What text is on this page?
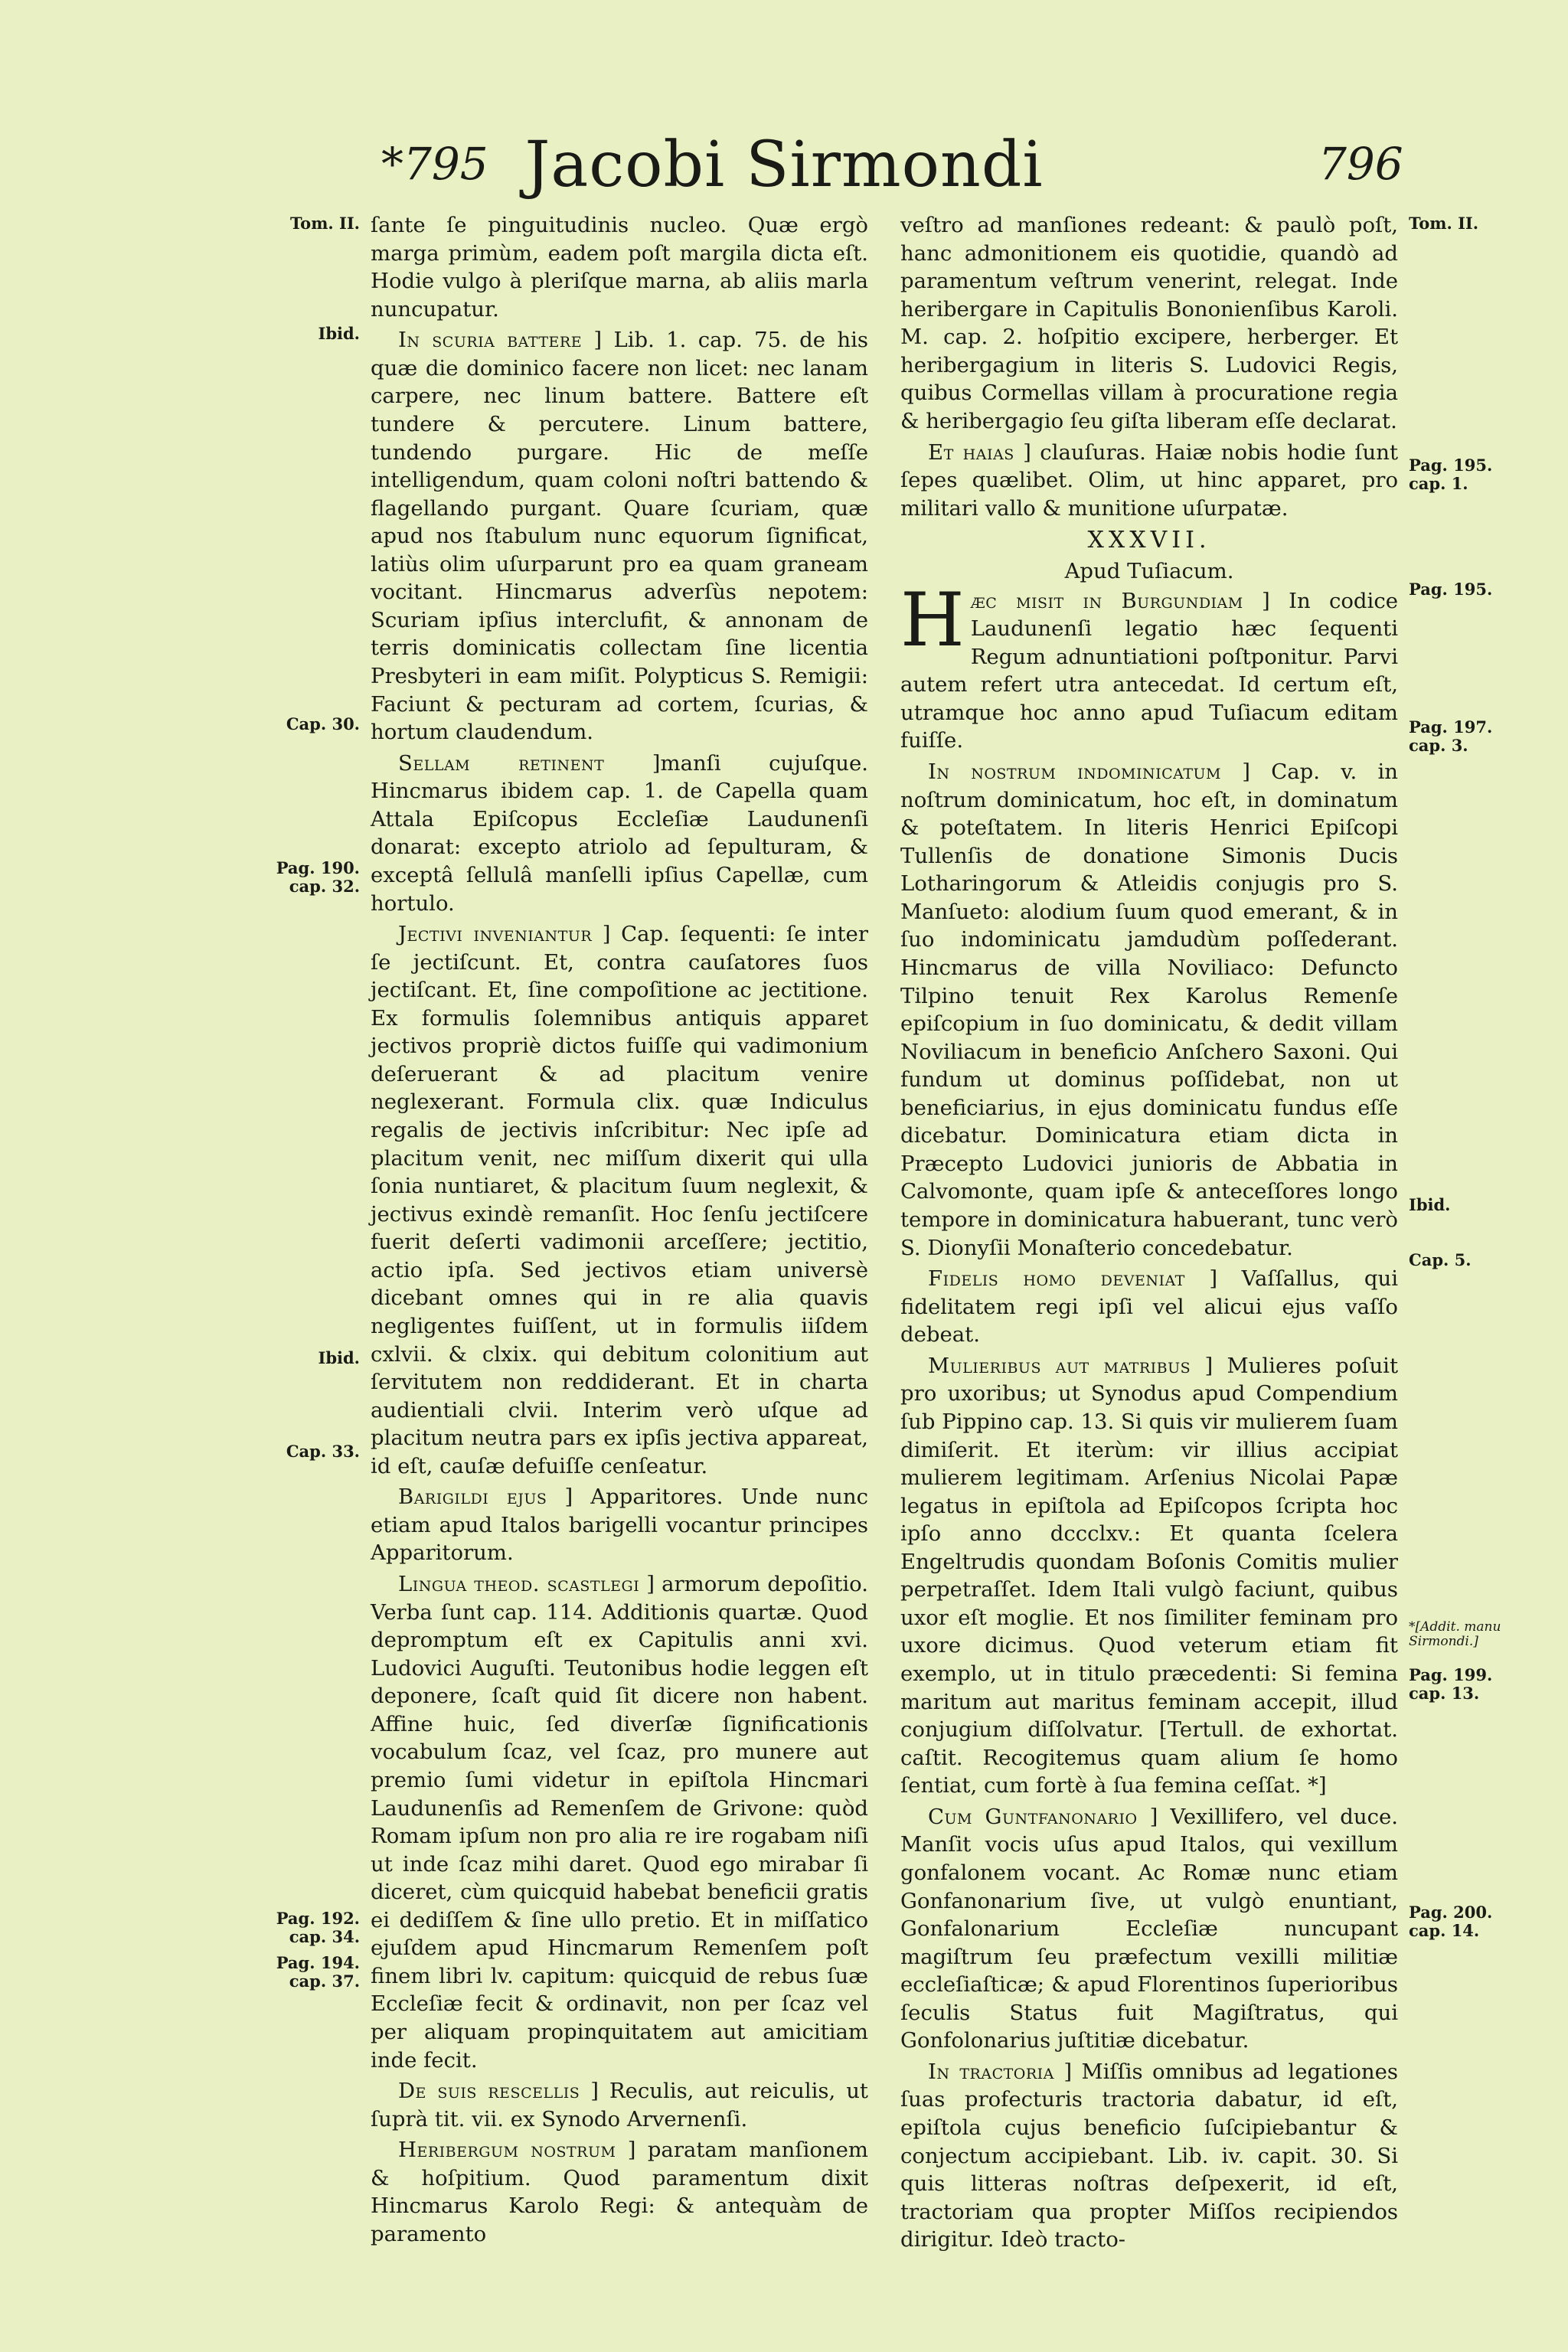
*795 Jacobi Sirmondi	796
Tom. II.
Ibid.
Cap. 30.
Pag. 190.
cap. 32.
Ibid.
Cap. 33.
Pag. 192.
cap. 34.
Pag. 194.
cap. 37.
Tom. II.
Pag. 195.
cap. 1.
Pag. 195.
Pag. 197.
cap. 3.
Ibid.
Cap. 5.
*[Addit. manu Sirmondi.]
Pag. 199.
cap. 13.
Pag. 200.
cap. 14.

ſante ſe pinguitudinis nucleo. Quæ ergò marga primùm, eadem poſt margila dicta eſt. Hodie vulgo à pleriſque marna, ab aliis marla nuncupatur.

In scuria battere ] Lib. 1. cap. 75. de his quæ die dominico facere non licet: nec lanam carpere, nec linum battere. Battere eſt tundere & percutere. Linum battere, tundendo purgare. Hic de meſſe intelligendum, quam coloni noſtri battendo & flagellando purgant. Quare ſcuriam, quæ apud nos ſtabulum nunc equorum ſignificat, latiùs olim uſurparunt pro ea quam graneam vocitant. Hincmarus adverſùs nepotem: Scuriam ipſius interclufit, & annonam de terris dominicatis collectam ſine licentia Presbyteri in eam miſit. Polypticus S. Remigii: Faciunt & pecturam ad cortem, ſcurias, & hortum claudendum.

Sellam retinent ]manſi cujuſque. Hincmarus ibidem cap. 1. de Capella quam Attala Epiſcopus Eccleſiæ Laudunenſi donarat: excepto atriolo ad ſepulturam, & exceptâ ſellulâ manſelli ipſius Capellæ, cum hortulo.

Jectivi inveniantur ] Cap. ſequenti: ſe inter ſe jectiſcunt. Et, contra cauſatores ſuos jectiſcant. Et, ſine compoſitione ac jectitione. Ex formulis ſolemnibus antiquis apparet jectivos propriè dictos fuiſſe qui vadimonium deſeruerant & ad placitum venire neglexerant. Formula clix. quæ Indiculus regalis de jectivis inſcribitur: Nec ipſe ad placitum venit, nec miſſum dixerit qui ulla ſonia nuntiaret, & placitum ſuum neglexit, & jectivus exindè remanſit. Hoc ſenſu jectiſcere fuerit deſerti vadimonii arceſſere; jectitio, actio ipſa. Sed jectivos etiam universè dicebant omnes qui in re alia quavis negligentes fuiſſent, ut in formulis iiſdem cxlvii. & clxix. qui debitum colonitium aut ſervitutem non reddiderant. Et in charta audientiali clvii. Interim verò uſque ad placitum neutra pars ex ipſis jectiva appareat, id eſt, cauſæ defuiſſe cenſeatur.

Barigildi ejus ] Apparitores. Unde nunc etiam apud Italos barigelli vocantur principes Apparitorum.

Lingua theod. scastlegi ] armorum depoſitio. Verba ſunt cap. 114. Additionis quartæ. Quod depromptum eſt ex Capitulis anni xvi. Ludovici Auguſti. Teutonibus hodie leggen eſt deponere, ſcaſt quid ſit dicere non habent. Affine huic, ſed diverſæ ſignificationis vocabulum ſcaz, vel ſcaz, pro munere aut premio ſumi videtur in epiſtola Hincmari Laudunenſis ad Remenſem de Grivone: quòd Romam ipſum non pro alia re ire rogabam niſi ut inde ſcaz mihi daret. Quod ego mirabar ſi diceret, cùm quicquid habebat beneficii gratis ei dediſſem & ſine ullo pretio. Et in miſſatico ejuſdem apud Hincmarum Remenſem poſt finem libri lv. capitum: quicquid de rebus ſuæ Eccleſiæ fecit & ordinavit, non per ſcaz vel per aliquam propinquitatem aut amicitiam inde fecit.

De suis rescellis ] Reculis, aut reiculis, ut ſuprà tit. vii. ex Synodo Arvernenſi.

Heribergum nostrum ] paratam manſionem & hoſpitium. Quod paramentum dixit Hincmarus Karolo Regi: & antequàm de paramento

veſtro ad manſiones redeant: & paulò poſt, hanc admonitionem eis quotidie, quandò ad paramentum veſtrum venerint, relegat. Inde heribergare in Capitulis Bononienſibus Karoli. M. cap. 2. hoſpitio excipere, herberger. Et heribergagium in literis S. Ludovici Regis, quibus Cormellas villam à procuratione regia & heribergagio ſeu giſta liberam eſſe declarat.

Et haias ] clauſuras. Haiæ nobis hodie ſunt ſepes quælibet. Olim, ut hinc apparet, pro militari vallo & munitione uſurpatæ.

XXXVII.

Apud Tuſiacum.

Hæc misit in Burgundiam ] In codice Laudunenſi legatio hæc ſequenti Regum adnuntiationi poſtponitur. Parvi autem refert utra antecedat. Id certum eſt, utramque hoc anno apud Tuſiacum editam fuiſſe.

In nostrum indominicatum ] Cap. v. in noſtrum dominicatum, hoc eſt, in dominatum & poteſtatem. In literis Henrici Epiſcopi Tullenſis de donatione Simonis Ducis Lotharingorum & Atleidis conjugis pro S. Manſueto: alodium ſuum quod emerant, & in ſuo indominicatu jamdudùm poſſederant. Hincmarus de villa Noviliaco: Defuncto Tilpino tenuit Rex Karolus Remenſe epiſcopium in ſuo dominicatu, & dedit villam Noviliacum in beneficio Anſchero Saxoni. Qui fundum ut dominus poſſidebat, non ut beneficiarius, in ejus dominicatu fundus eſſe dicebatur. Dominicatura etiam dicta in Præcepto Ludovici junioris de Abbatia in Calvomonte, quam ipſe & anteceſſores longo tempore in dominicatura habuerant, tunc verò S. Dionyſii Monaſterio concedebatur.

Fidelis homo deveniat ] Vaſſallus, qui fidelitatem regi ipſi vel alicui ejus vaſſo debeat.

Mulieribus aut matribus ] Mulieres poſuit pro uxoribus; ut Synodus apud Compendium ſub Pippino cap. 13. Si quis vir mulierem ſuam dimiſerit. Et iterùm: vir illius accipiat mulierem legitimam. Arſenius Nicolai Papæ legatus in epiſtola ad Epiſcopos ſcripta hoc ipſo anno dccclxv.: Et quanta ſcelera Engeltrudis quondam Boſonis Comitis mulier perpetraſſet. Idem Itali vulgò faciunt, quibus uxor eſt moglie. Et nos ſimiliter feminam pro uxore dicimus. Quod veterum etiam fit exemplo, ut in titulo præcedenti: Si femina maritum aut maritus feminam accepit, illud conjugium diſſolvatur. [Tertull. de exhortat. caſtit. Recogitemus quam alium ſe homo ſentiat, cum fortè à ſua femina ceſſat. *]

Cum Guntfanonario ] Vexillifero, vel duce. Manſit vocis uſus apud Italos, qui vexillum gonfalonem vocant. Ac Romæ nunc etiam Gonfanonarium ſive, ut vulgò enuntiant, Gonfalonarium Eccleſiæ nuncupant magiſtrum ſeu præfectum vexilli militiæ eccleſiaſticæ; & apud Florentinos ſuperioribus ſeculis Status fuit Magiſtratus, qui Gonfolonarius juſtitiæ dicebatur.

In tractoria ] Miſſis omnibus ad legationes ſuas profecturis tractoria dabatur, id eſt, epiſtola cujus beneficio ſuſcipiebantur & conjectum accipiebant. Lib. iv. capit. 30. Si quis litteras noſtras deſpexerit, id eſt, tractoriam qua propter Miſſos recipiendos dirigitur. Ideò tracto-
